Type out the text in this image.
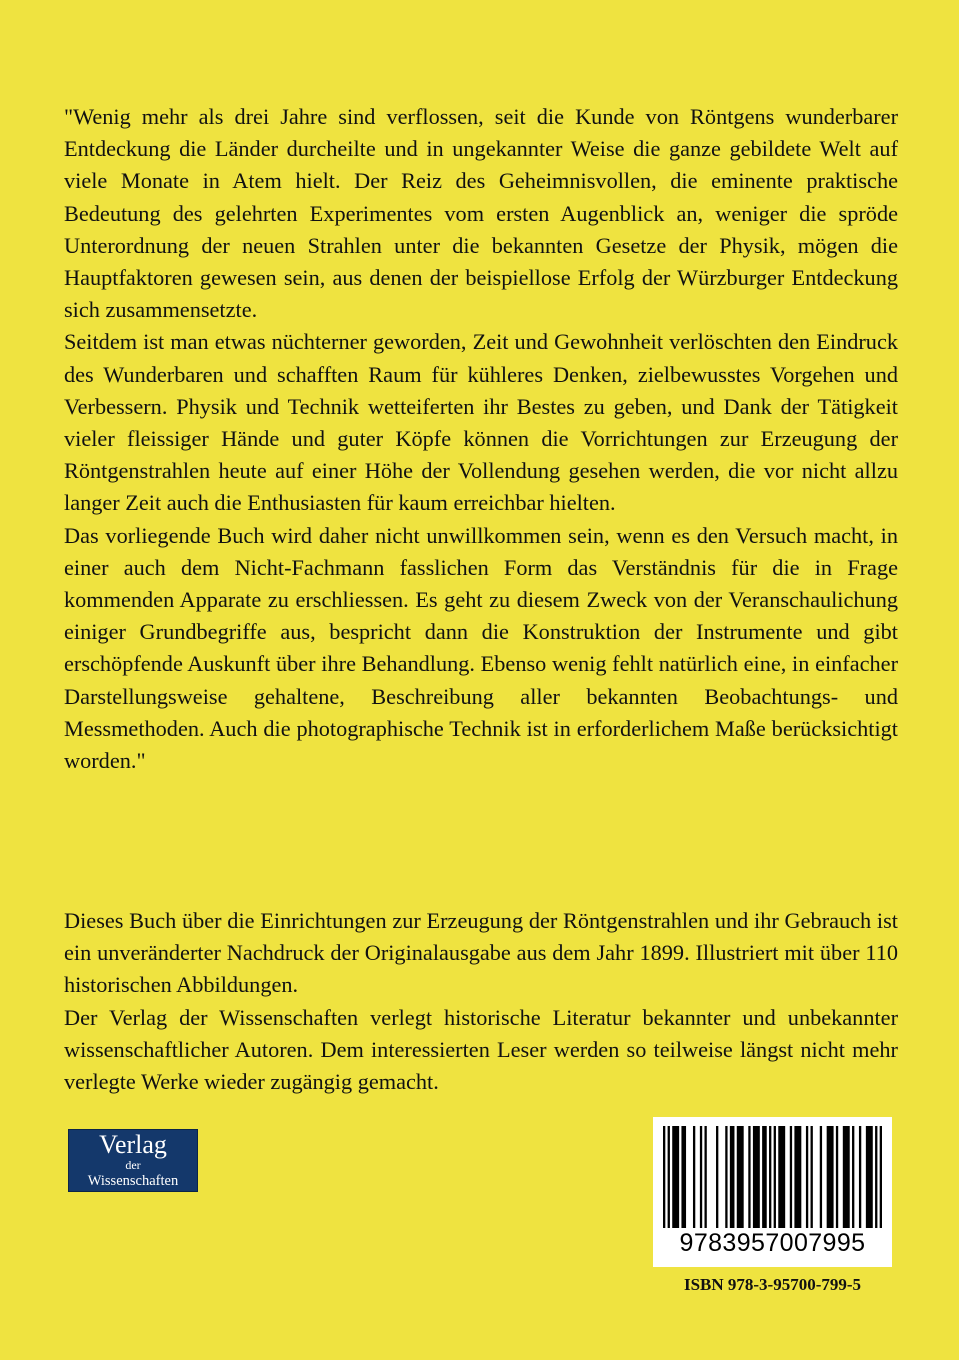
"Wenig mehr als drei Jahre sind verflossen, seit die Kunde von Röntgens wunderbarer Entdeckung die Länder durcheilte und in ungekannter Weise die ganze gebildete Welt auf viele Monate in Atem hielt. Der Reiz des Geheimnisvollen, die eminente praktische Bedeutung des gelehrten Experimentes vom ersten Augenblick an, weniger die spröde Unterordnung der neuen Strahlen unter die bekannten Gesetze der Physik, mögen die Hauptfaktoren gewesen sein, aus denen der beispiellose Erfolg der Würzburger Entdeckung sich zusammensetzte.

Seitdem ist man etwas nüchterner geworden, Zeit und Gewohnheit verlöschten den Eindruck des Wunderbaren und schafften Raum für kühleres Denken, zielbewusstes Vorgehen und Verbessern. Physik und Technik wetteiferten ihr Bestes zu geben, und Dank der Tätigkeit vieler fleissiger Hände und guter Köpfe können die Vorrichtungen zur Erzeugung der Röntgenstrahlen heute auf einer Höhe der Vollendung gesehen werden, die vor nicht allzu langer Zeit auch die Enthusiasten für kaum erreichbar hielten.

Das vorliegende Buch wird daher nicht unwillkommen sein, wenn es den Versuch macht, in einer auch dem Nicht-Fachmann fasslichen Form das Verständnis für die in Frage kommenden Apparate zu erschliessen. Es geht zu diesem Zweck von der Veranschaulichung einiger Grundbegriffe aus, bespricht dann die Konstruktion der Instrumente und gibt erschöpfende Auskunft über ihre Behandlung. Ebenso wenig fehlt natürlich eine, in einfacher Darstellungsweise gehaltene, Beschreibung aller bekannten Beobachtungs- und Messmethoden. Auch die photographische Technik ist in erforderlichem Maße berücksichtigt worden."

Dieses Buch über die Einrichtungen zur Erzeugung der Röntgenstrahlen und ihr Gebrauch ist ein unveränderter Nachdruck der Originalausgabe aus dem Jahr 1899. Illustriert mit über 110 historischen Abbildungen.

Der Verlag der Wissenschaften verlegt historische Literatur bekannter und unbekannter wissenschaftlicher Autoren. Dem interessierten Leser werden so teilweise längst nicht mehr verlegte Werke wieder zugängig gemacht.

Verlag
der
Wissenschaften
9783957007995
ISBN 978-3-95700-799-5
